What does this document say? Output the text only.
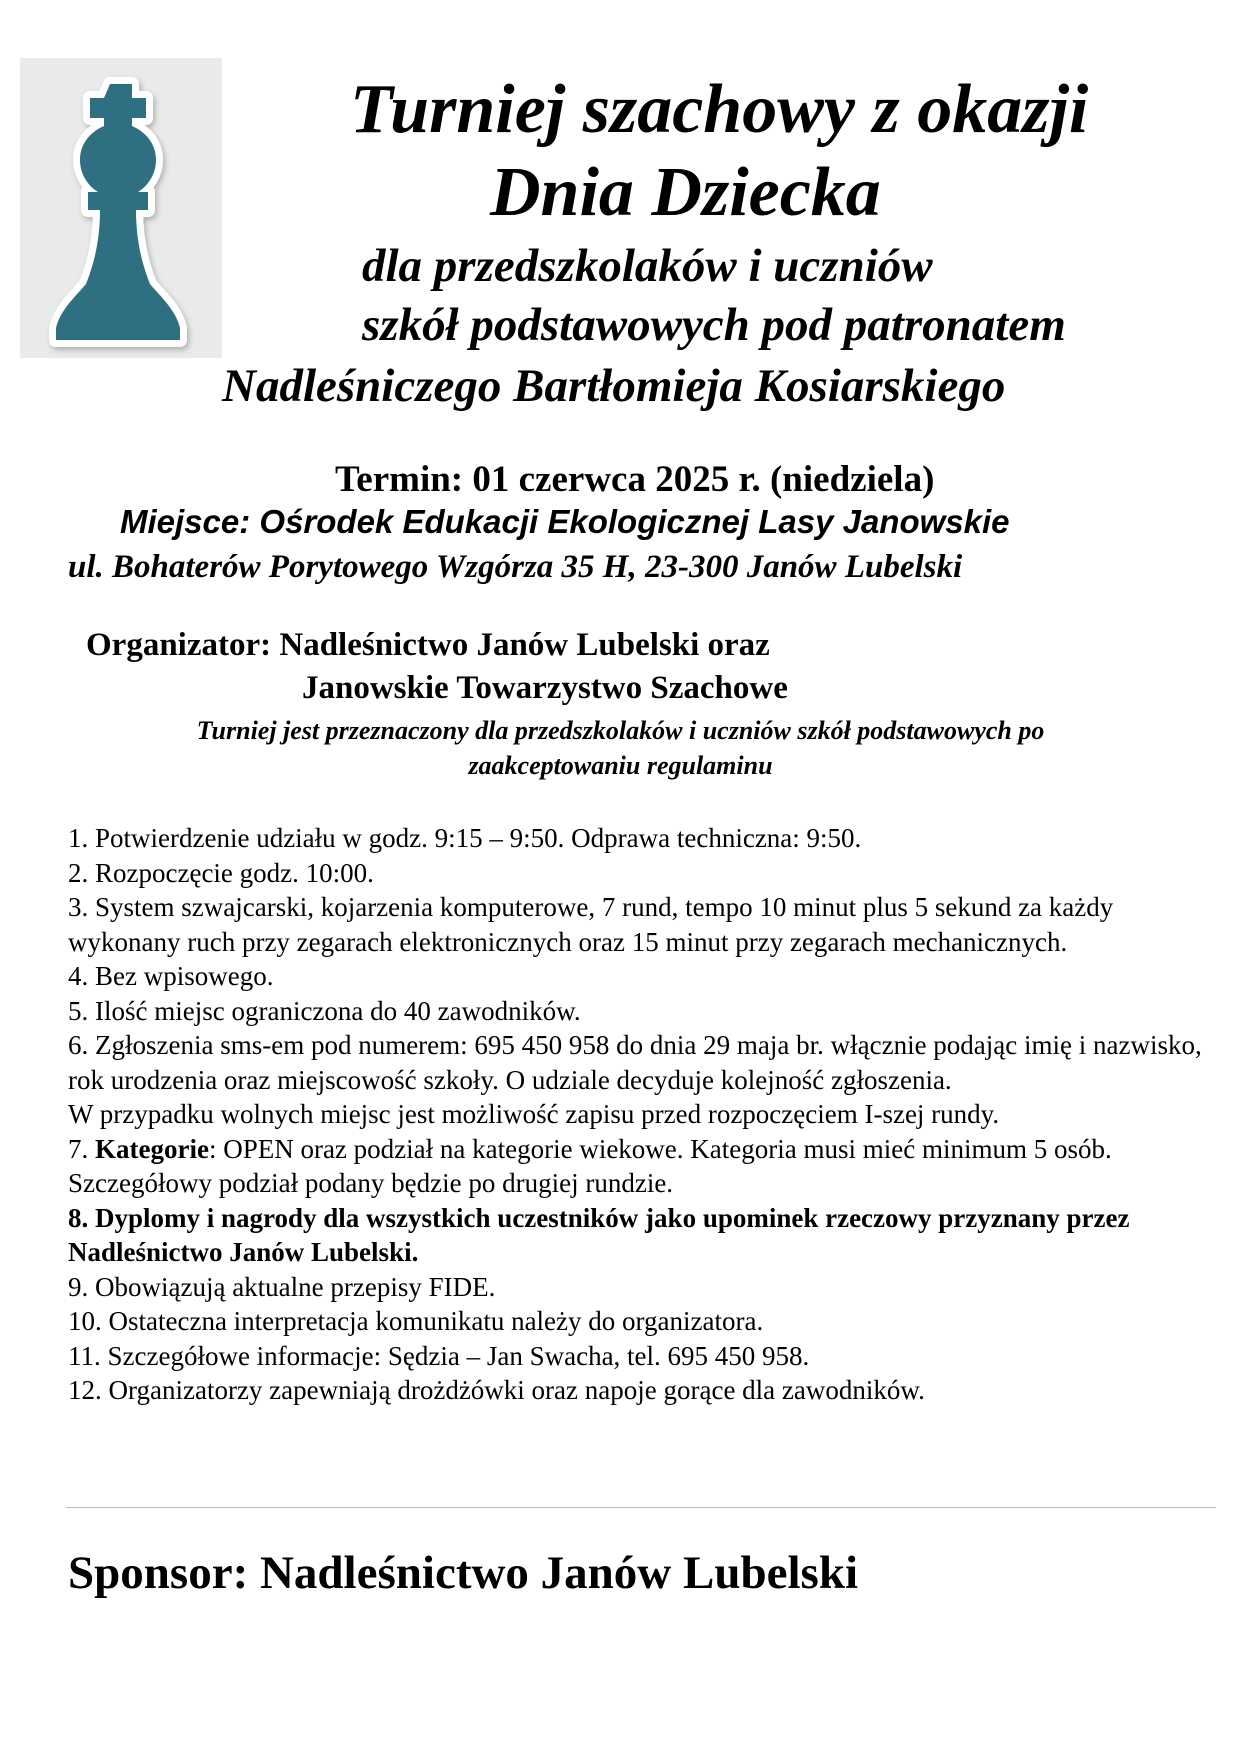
Turniej szachowy z okazji
Dnia Dziecka
dla przedszkolaków i uczniów
szkół podstawowych pod patronatem
Nadleśniczego Bartłomieja Kosiarskiego
Termin: 01 czerwca 2025 r. (niedziela)
Miejsce: Ośrodek Edukacji Ekologicznej Lasy Janowskie
ul. Bohaterów Porytowego Wzgórza 35 H, 23-300 Janów Lubelski
Organizator: Nadleśnictwo Janów Lubelski oraz
Janowskie Towarzystwo Szachowe
Turniej jest przeznaczony dla przedszkolaków i uczniów szkół podstawowych po
zaakceptowaniu regulaminu

1. Potwierdzenie udziału w godz. 9:15 – 9:50. Odprawa techniczna: 9:50.

2. Rozpoczęcie godz. 10:00.

3. System szwajcarski, kojarzenia komputerowe, 7 rund, tempo 10 minut plus 5 sekund za każdy wykonany ruch przy zegarach elektronicznych oraz 15 minut przy zegarach mechanicznych.

4. Bez wpisowego.

5. Ilość miejsc ograniczona do 40 zawodników.

6. Zgłoszenia sms-em pod numerem: 695 450 958 do dnia 29 maja br. włącznie podając imię i nazwisko, rok urodzenia oraz miejscowość szkoły. O udziale decyduje kolejność zgłoszenia.

W przypadku wolnych miejsc jest możliwość zapisu przed rozpoczęciem I-szej rundy.

7. Kategorie: OPEN oraz podział na kategorie wiekowe. Kategoria musi mieć minimum 5 osób. Szczegółowy podział podany będzie po drugiej rundzie.

8. Dyplomy i nagrody dla wszystkich uczestników jako upominek rzeczowy przyznany przez Nadleśnictwo Janów Lubelski.

9. Obowiązują aktualne przepisy FIDE.

10. Ostateczna interpretacja komunikatu należy do organizatora.

11. Szczegółowe informacje: Sędzia – Jan Swacha, tel. 695 450 958.

12. Organizatorzy zapewniają drożdżówki oraz napoje gorące dla zawodników.

Sponsor: Nadleśnictwo Janów Lubelski
